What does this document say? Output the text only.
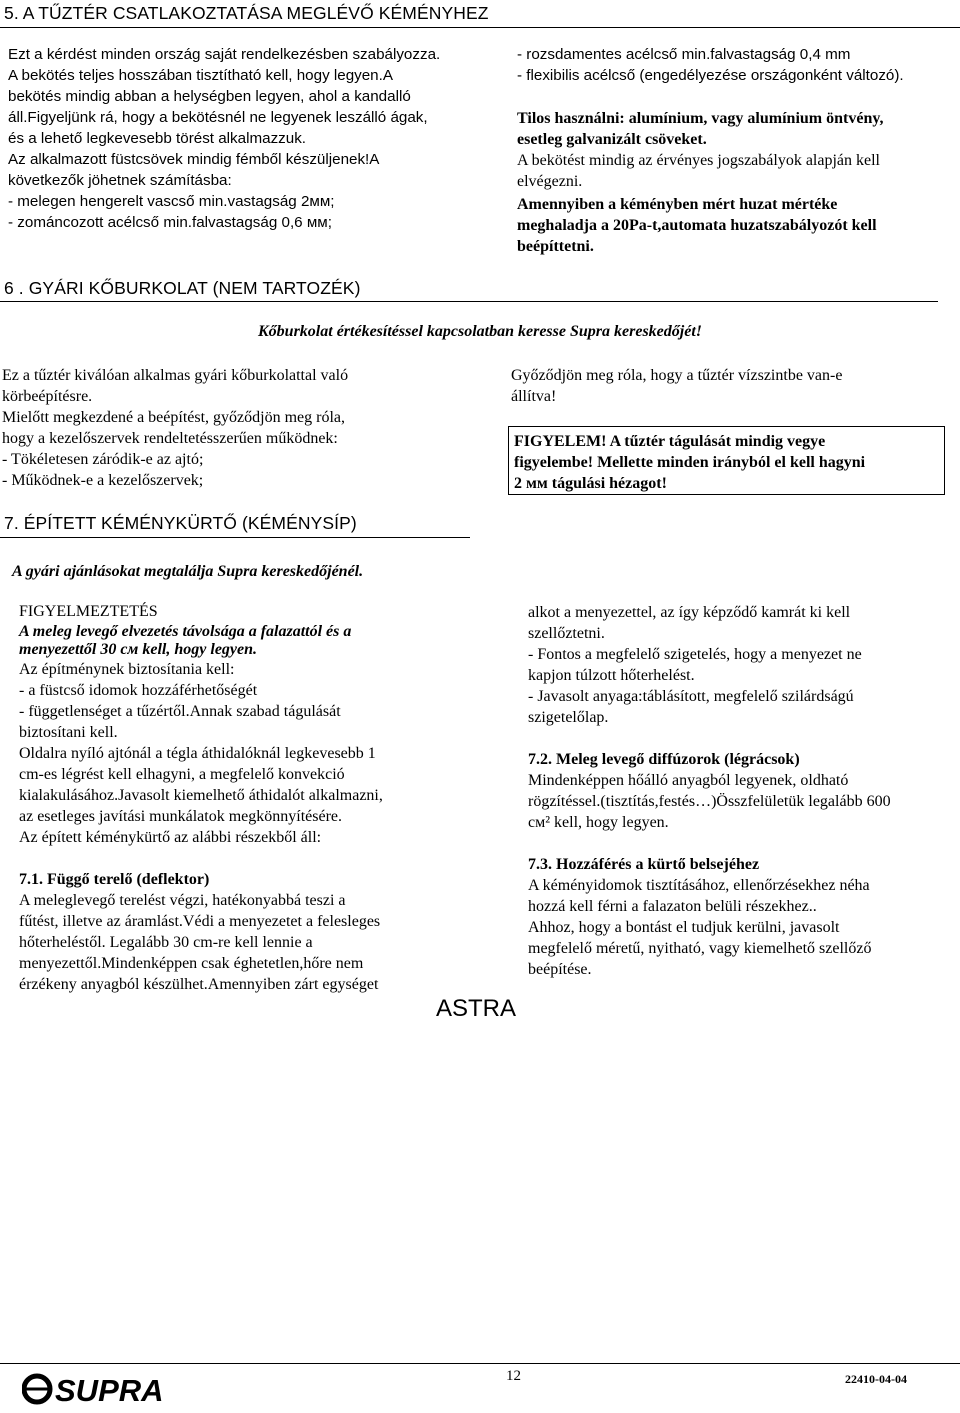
5. A TŰZTÉR CSATLAKOZTATÁSA MEGLÉVŐ KÉMÉNYHEZ
Ezt a kérdést minden ország saját rendelkezésben szabályozza.
A bekötés teljes hosszában tisztítható kell, hogy legyen.A
bekötés mindig abban a helységben legyen, ahol a kandalló
áll.Figyeljünk rá, hogy a bekötésnél ne legyenek leszálló ágak,
és a lehető legkevesebb törést alkalmazzuk.
Az alkalmazott füstcsövek mindig fémből készüljenek!A
következők jöhetnek számításba:
- melegen hengerelt vascső min.vastagság 2мм;
- zománcozott acélcső min.falvastagság 0,6 мм;
- rozsdamentes acélcső min.falvastagság 0,4 mm
- flexibilis acélcső (engedélyezése országonként változó).
Tilos használni: alumínium, vagy alumínium öntvény,
esetleg galvanizált csöveket.
A bekötést mindig az érvényes jogszabályok alapján kell
elvégezni.
Amennyiben a kéményben mért huzat mértéke
meghaladja a 20Pa-t,automata huzatszabályozót kell
beépíttetni.
6 . GYÁRI KŐBURKOLAT (NEM TARTOZÉK)
Kőburkolat értékesítéssel kapcsolatban keresse Supra kereskedőjét!
Ez a tűztér kiválóan alkalmas gyári kőburkolattal való
körbeépítésre.
Mielőtt megkezdené a beépítést, győződjön meg róla,
hogy a kezelőszervek rendeltetésszerűen működnek:
- Tökéletesen záródik-e az ajtó;
- Működnek-e a kezelőszervek;
Győződjön meg róla, hogy a tűztér vízszintbe van-e
állítva!
FIGYELEM! A tűztér tágulását mindig vegye
figyelembe! Mellette minden irányból el kell hagyni
2 мм tágulási hézagot!
7. ÉPÍTETT KÉMÉNYKÜRTŐ (KÉMÉNYSÍP)
A gyári ajánlásokat megtalálja Supra kereskedőjénél.
FIGYELMEZTETÉS
A meleg levegő elvezetés távolsága a falazattól és a
menyezettől 30 см kell, hogy legyen.
Az építménynek biztosítania kell:
- a füstcső idomok hozzáférhetőségét
- függetlenséget a tűzértől.Annak szabad tágulását
biztosítani kell.
Oldalra nyíló ajtónál a tégla áthidalóknál legkevesebb 1
cm-es légrést kell elhagyni, a megfelelő konvekció
kialakulásához.Javasolt kiemelhető áthidalót alkalmazni,
az esetleges javítási munkálatok megkönnyítésére.
Az épített kéménykürtő az alábbi részekből áll:
7.1. Függő terelő (deflektor)
A meleglevegő terelést végzi, hatékonyabbá teszi a
fűtést, illetve az áramlást.Védi a menyezetet a felesleges
hőterheléstől. Legalább 30 cm-re kell lennie a
menyezettől.Mindenképpen csak éghetetlen,hőre nem
érzékeny anyagból készülhet.Amennyiben zárt egységet
alkot a menyezettel, az így képződő kamrát ki kell
szellőztetni.
- Fontos a megfelelő szigetelés, hogy a menyezet ne
kapjon túlzott hőterhelést.
- Javasolt anyaga:táblásított, megfelelő szilárdságú
szigetelőlap.
7.2. Meleg levegő diffúzorok (légrácsok)
Mindenképpen hőálló anyagból legyenek, oldható
rögzítéssel.(tisztítás,festés…)Összfelületük legalább 600
см² kell, hogy legyen.
7.3. Hozzáférés a kürtő belsejéhez
A kéményidomok tisztításához, ellenőrzésekhez néha
hozzá kell férni a falazaton belüli részekhez..
Ahhoz, hogy a bontást el tudjuk kerülni, javasolt
megfelelő méretű, nyitható, vagy kiemelhető szellőző
beépítése.
ASTRA
SUPRA	12	22410-04-04
